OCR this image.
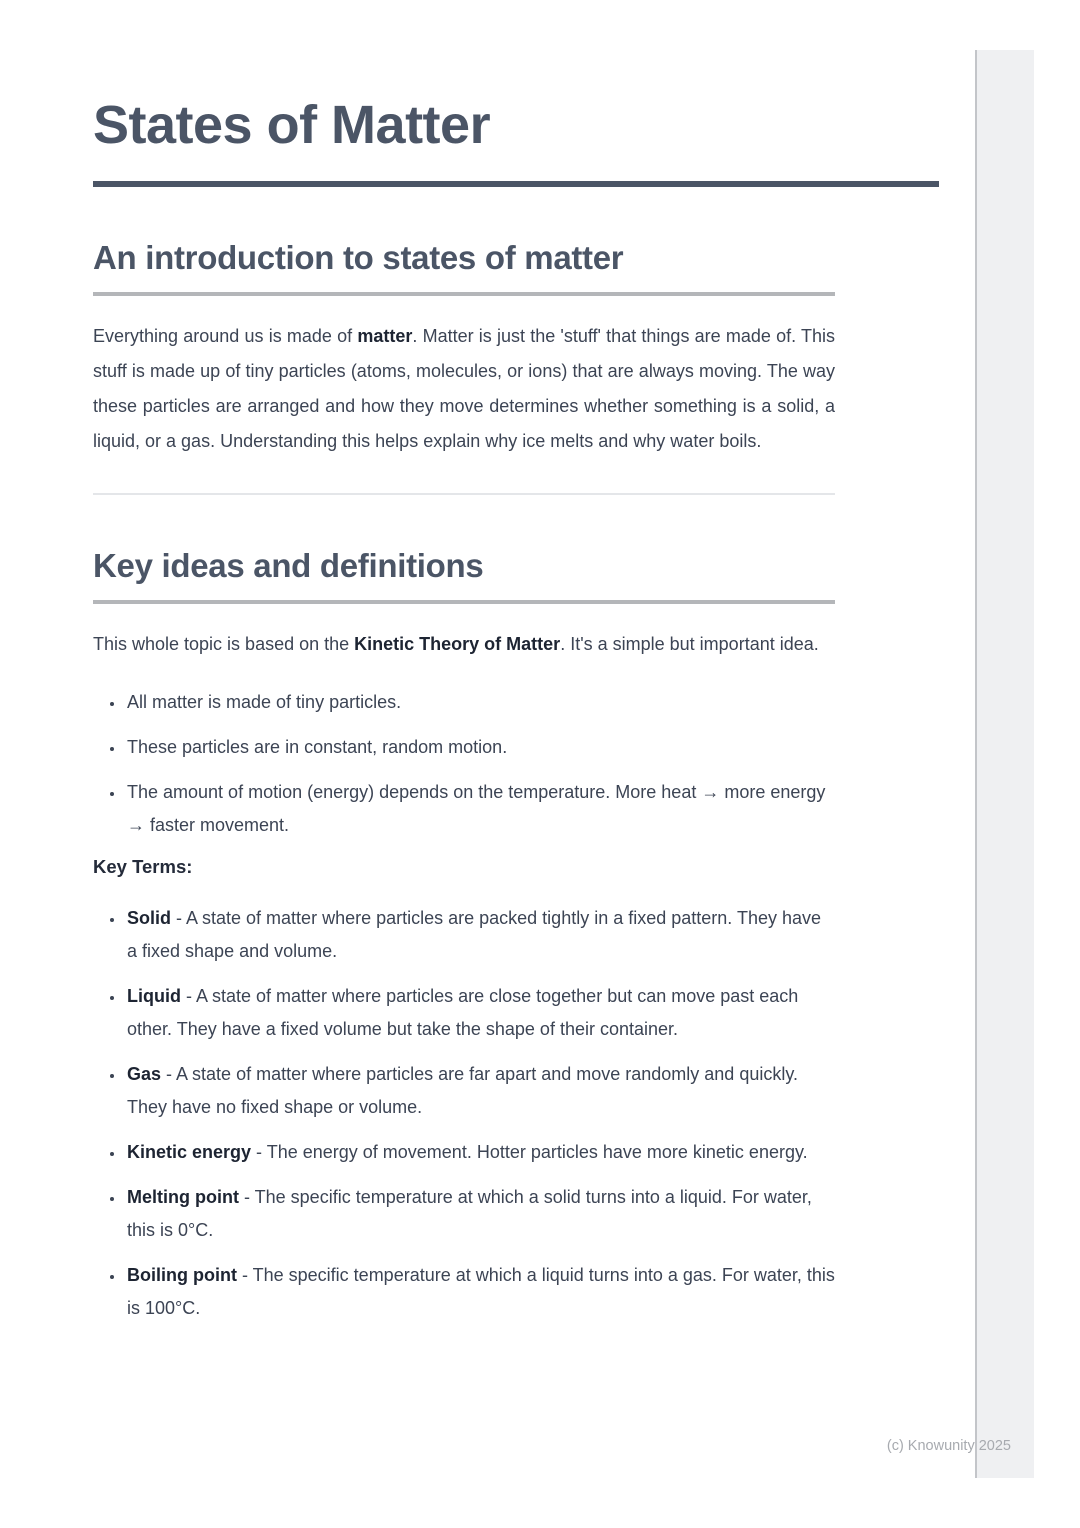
States of Matter
An introduction to states of matter

Everything around us is made of matter. Matter is just the 'stuff' that things are made of. This stuff is made up of tiny particles (atoms, molecules, or ions) that are always moving. The way these particles are arranged and how they move determines whether something is a solid, a liquid, or a gas. Understanding this helps explain why ice melts and why water boils.

Key ideas and definitions

This whole topic is based on the Kinetic Theory of Matter. It's a simple but important idea.

• All matter is made of tiny particles.
• These particles are in constant, random motion.
• The amount of motion (energy) depends on the temperature. More heat → more energy → faster movement.

Key Terms:

• Solid - A state of matter where particles are packed tightly in a fixed pattern. They have a fixed shape and volume.
• Liquid - A state of matter where particles are close together but can move past each other. They have a fixed volume but take the shape of their container.
• Gas - A state of matter where particles are far apart and move randomly and quickly. They have no fixed shape or volume.
• Kinetic energy - The energy of movement. Hotter particles have more kinetic energy.
• Melting point - The specific temperature at which a solid turns into a liquid. For water, this is 0°C.
• Boiling point - The specific temperature at which a liquid turns into a gas. For water, this is 100°C.
(c) Knowunity 2025
